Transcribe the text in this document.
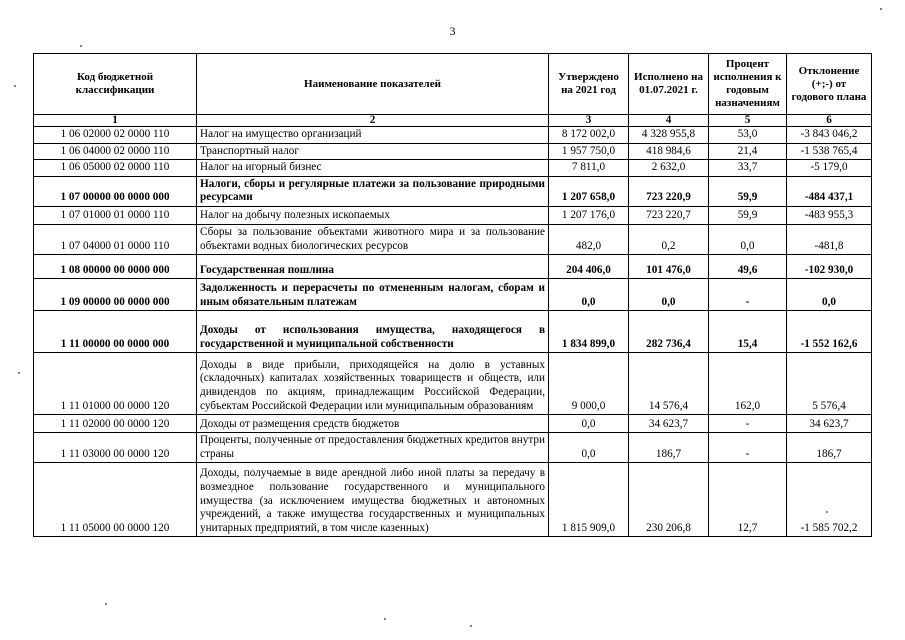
3
Код бюджетной классификации	Наименование показателей	Утверждено на 2021 год	Исполнено на 01.07.2021 г.	Процент исполнения к годовым назначениям	Отклонение (+;-) от годового плана
1	2	3	4	5	6
1 06 02000 02 0000 110	Налог на имущество организаций	8 172 002,0	4 328 955,8	53,0	-3 843 046,2
1 06 04000 02 0000 110	Транспортный налог	1 957 750,0	418 984,6	21,4	-1 538 765,4
1 06 05000 02 0000 110	Налог на игорный бизнес	7 811,0	2 632,0	33,7	-5 179,0
1 07 00000 00 0000 000	Налоги, сборы и регулярные платежи за пользование природными ресурсами	1 207 658,0	723 220,9	59,9	-484 437,1
1 07 01000 01 0000 110	Налог на добычу полезных ископаемых	1 207 176,0	723 220,7	59,9	-483 955,3
1 07 04000 01 0000 110	Сборы за пользование объектами животного мира и за пользование объектами водных биологических ресурсов	482,0	0,2	0,0	-481,8
1 08 00000 00 0000 000	Государственная пошлина	204 406,0	101 476,0	49,6	-102 930,0
1 09 00000 00 0000 000	Задолженность и перерасчеты по отмененным налогам, сборам и иным обязательным платежам	0,0	0,0	-	0,0
1 11 00000 00 0000 000	Доходы от использования имущества, находящегося в государственной и муниципальной собственности	1 834 899,0	282 736,4	15,4	-1 552 162,6
1 11 01000 00 0000 120	Доходы в виде прибыли, приходящейся на долю в уставных (складочных) капиталах хозяйственных товариществ и обществ, или дивидендов по акциям, принадлежащим Российской Федерации, субъектам Российской Федерации или муниципальным образованиям	9 000,0	14 576,4	162,0	5 576,4
1 11 02000 00 0000 120	Доходы от размещения средств бюджетов	0,0	34 623,7	-	34 623,7
1 11 03000 00 0000 120	Проценты, полученные от предоставления бюджетных кредитов внутри страны	0,0	186,7	-	186,7
1 11 05000 00 0000 120	Доходы, получаемые в виде арендной либо иной платы за передачу в возмездное пользование государственного и муниципального имущества (за исключением имущества бюджетных и автономных учреждений, а также имущества государственных и муниципальных унитарных предприятий, в том числе казенных)	1 815 909,0	230 206,8	12,7	-1 585 702,2
